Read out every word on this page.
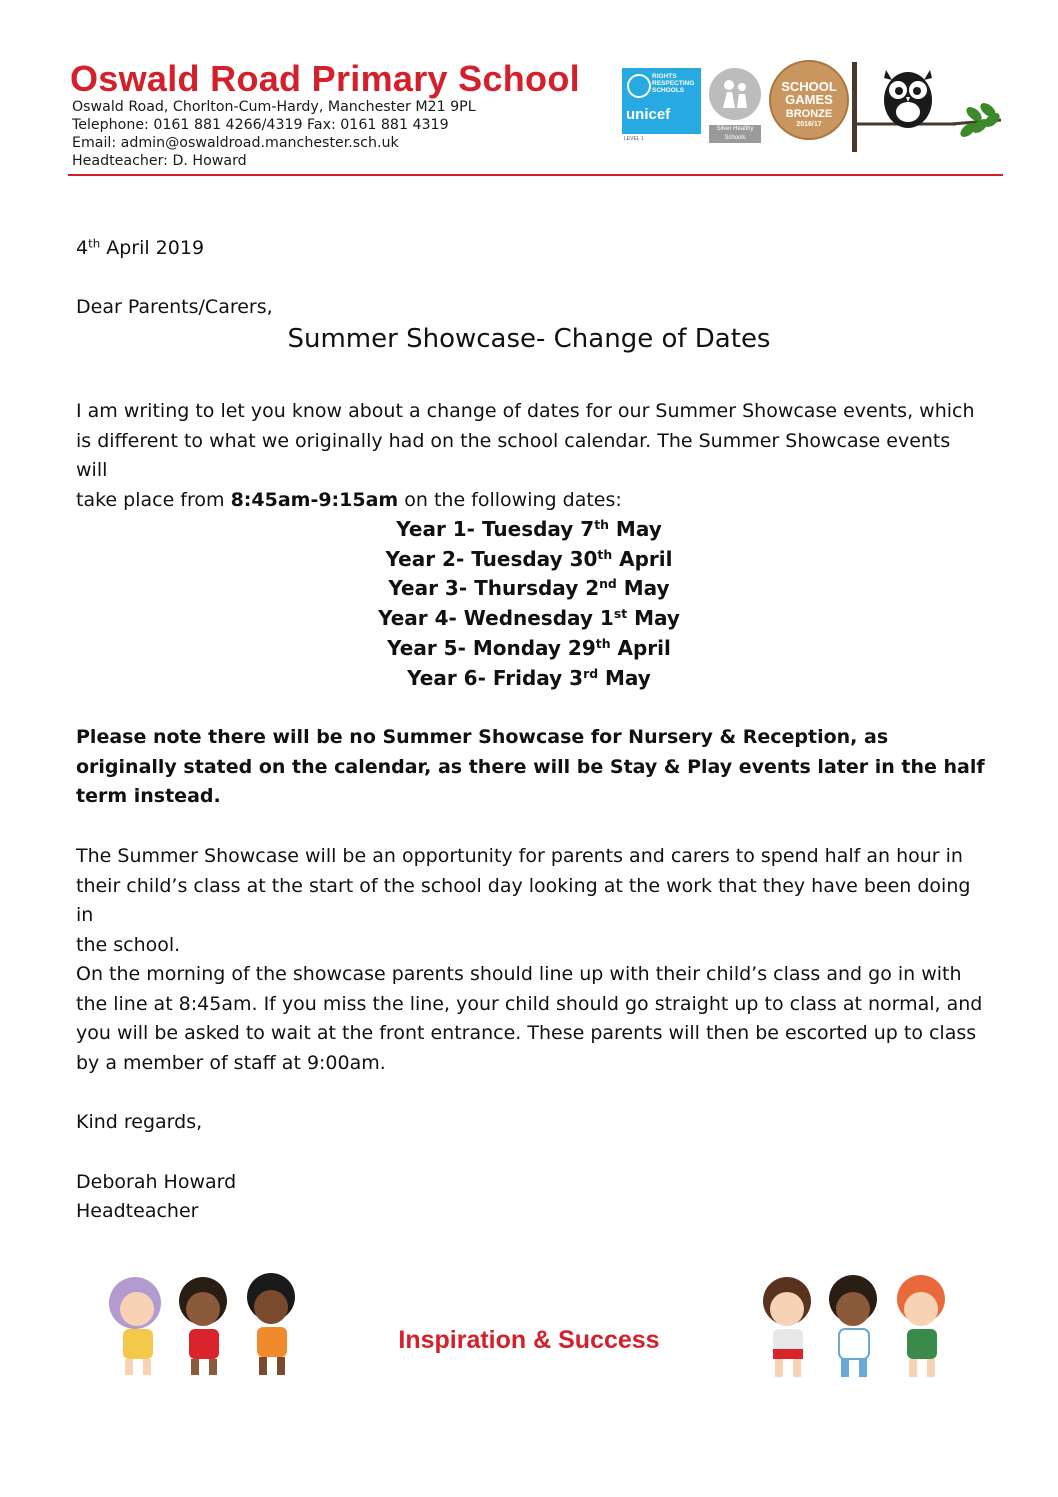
Oswald Road Primary School
Oswald Road, Chorlton-Cum-Hardy, Manchester M21 9PL
Telephone: 0161 881 4266/4319 Fax: 0161 881 4319
Email: admin@oswaldroad.manchester.sch.uk
Headteacher: D. Howard
RIGHTS
RESPECTING
SCHOOLS
unicef
LEVEL 1
Silver Healthy Schools
SCHOOL
GAMES
BRONZE
2016/17
4th April 2019
Dear Parents/Carers,
Summer Showcase- Change of Dates
I am writing to let you know about a change of dates for our Summer Showcase events, which
is different to what we originally had on the school calendar. The Summer Showcase events will
take place from 8:45am-9:15am on the following dates:
Year 1- Tuesday 7th May
Year 2- Tuesday 30th April
Year 3- Thursday 2nd May
Year 4- Wednesday 1st May
Year 5- Monday 29th April
Year 6- Friday 3rd May
Please note there will be no Summer Showcase for Nursery & Reception, as
originally stated on the calendar, as there will be Stay & Play events later in the half
term instead.
The Summer Showcase will be an opportunity for parents and carers to spend half an hour in
their child’s class at the start of the school day looking at the work that they have been doing in
the school.
On the morning of the showcase parents should line up with their child’s class and go in with
the line at 8:45am. If you miss the line, your child should go straight up to class at normal, and
you will be asked to wait at the front entrance. These parents will then be escorted up to class
by a member of staff at 9:00am.
Kind regards,
Deborah Howard
Headteacher
Inspiration & Success
